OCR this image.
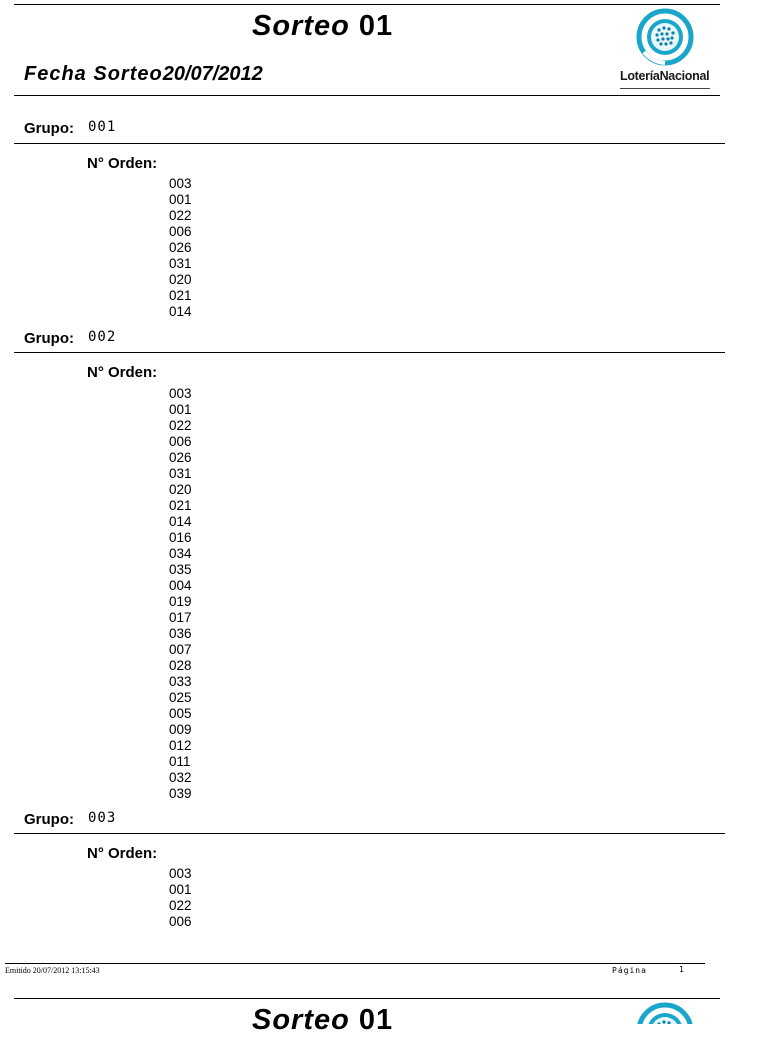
Sorteo 01
Fecha Sorteo20/07/2012	LoteríaNacional
Grupo: 001
N° Orden:
003
001
022
006
026
031
020
021
014
Grupo: 002
N° Orden:
003
001
022
006
026
031
020
021
014
016
034
035
004
019
017
036
007
028
033
025
005
009
012
011
032
039
Grupo: 003
N° Orden:
003
001
022
006
Emitido 20/07/2012 13:15:43	Página	1
Sorteo 01
